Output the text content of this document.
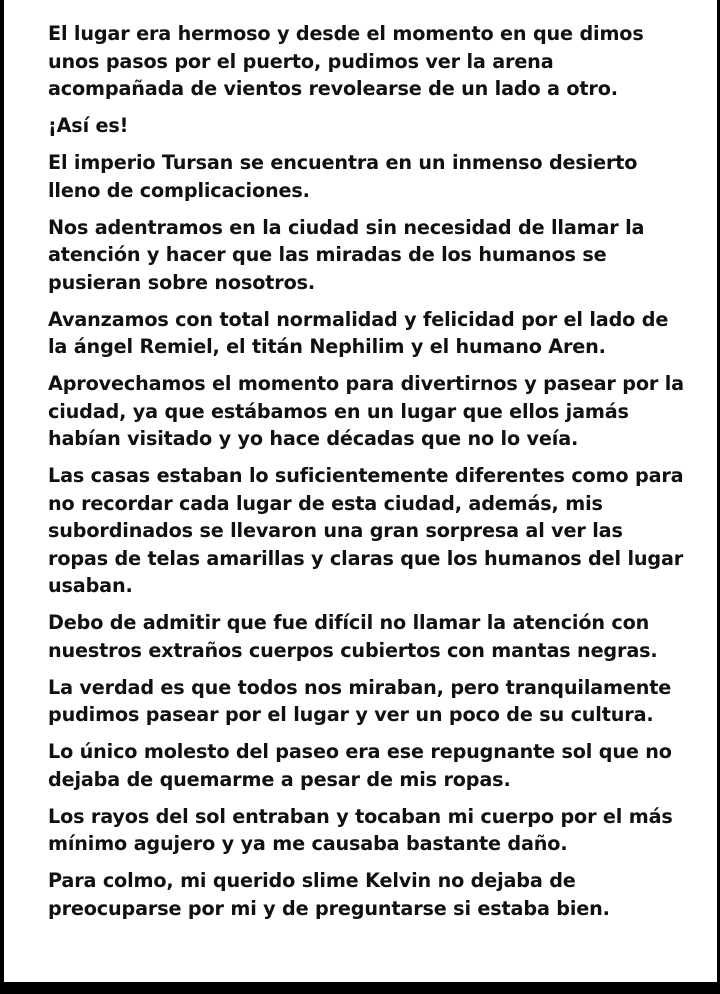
El lugar era hermoso y desde el momento en que dimos unos pasos por el puerto, pudimos ver la arena acompañada de vientos revolearse de un lado a otro.

¡Así es!

El imperio Tursan se encuentra en un inmenso desierto lleno de complicaciones.

Nos adentramos en la ciudad sin necesidad de llamar la atención y hacer que las miradas de los humanos se pusieran sobre nosotros.

Avanzamos con total normalidad y felicidad por el lado de la ángel Remiel, el titán Nephilim y el humano Aren.

Aprovechamos el momento para divertirnos y pasear por la ciudad, ya que estábamos en un lugar que ellos jamás habían visitado y yo hace décadas que no lo veía.

Las casas estaban lo suficientemente diferentes como para no recordar cada lugar de esta ciudad, además, mis subordinados se llevaron una gran sorpresa al ver las ropas de telas amarillas y claras que los humanos del lugar usaban.

Debo de admitir que fue difícil no llamar la atención con nuestros extraños cuerpos cubiertos con mantas negras.

La verdad es que todos nos miraban, pero tranquilamente pudimos pasear por el lugar y ver un poco de su cultura.

Lo único molesto del paseo era ese repugnante sol que no dejaba de quemarme a pesar de mis ropas.

Los rayos del sol entraban y tocaban mi cuerpo por el más mínimo agujero y ya me causaba bastante daño.

Para colmo, mi querido slime Kelvin no dejaba de preocuparse por mi y de preguntarse si estaba bien.
